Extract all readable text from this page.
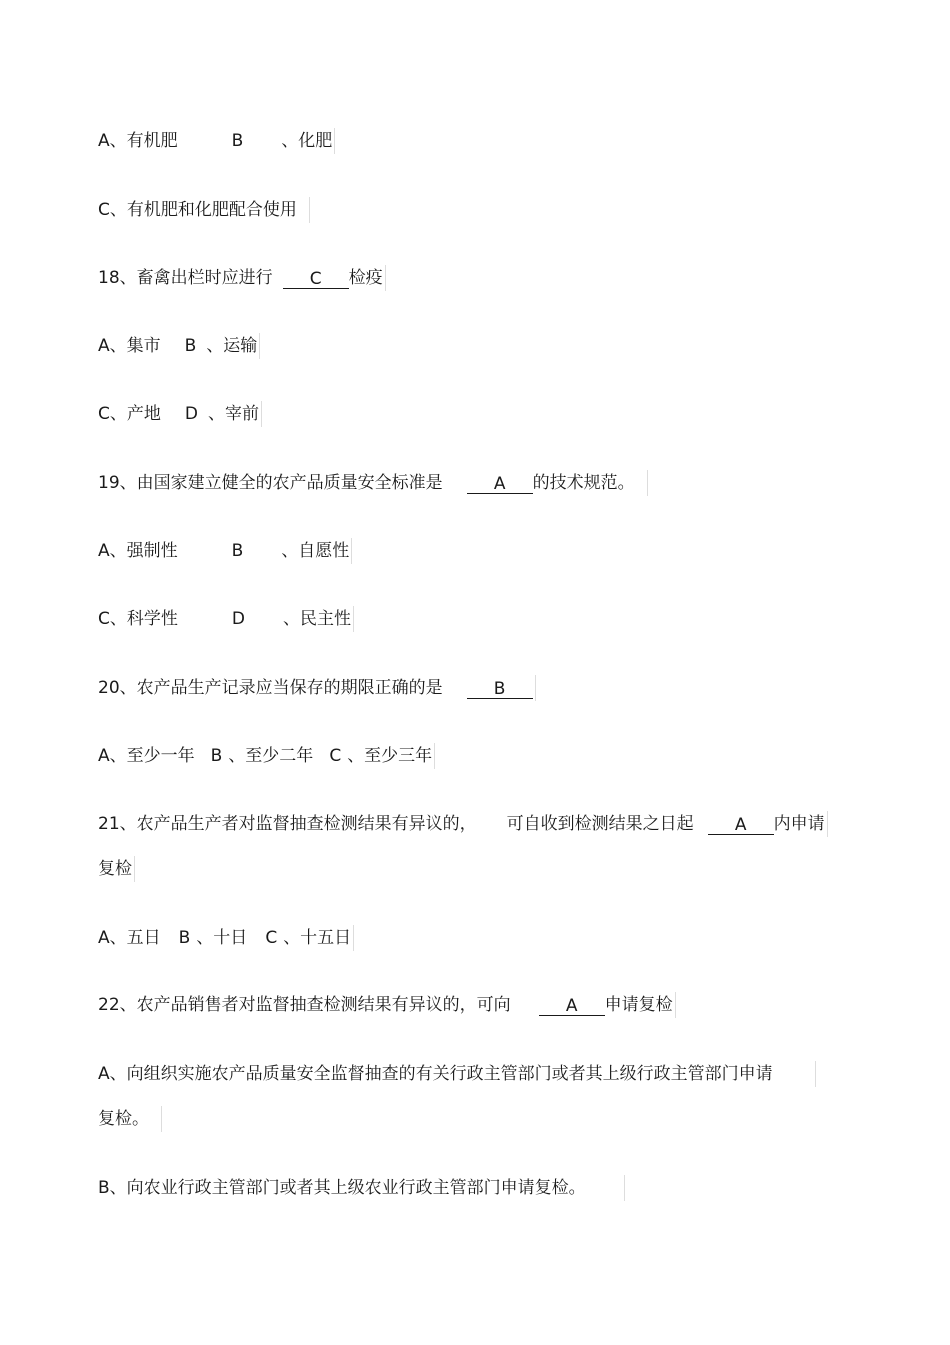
A、有机肥	B 、化肥
C、有机肥和化肥配合使用
18、畜禽出栏时应进行 C 检疫
A、集市 B 、运输
C、产地 D 、宰前
19、由国家建立健全的农产品质量安全标准是	A 的技术规范。
A、强制性	B 、自愿性
C、科学性	D 、民主性
20、农产品生产记录应当保存的期限正确的是	B
A、至少一年 B 、至少二年 C 、至少三年
21、农产品生产者对监督抽查检测结果有异议的， 可自收到检测结果之日起 A 内申请
复检
A、五日 B 、十日 C 、十五日
22、农产品销售者对监督抽查检测结果有异议的，可向	A 申请复检
A、向组织实施农产品质量安全监督抽查的有关行政主管部门或者其上级行政主管部门申请
复检。
B、向农业行政主管部门或者其上级农业行政主管部门申请复检。
